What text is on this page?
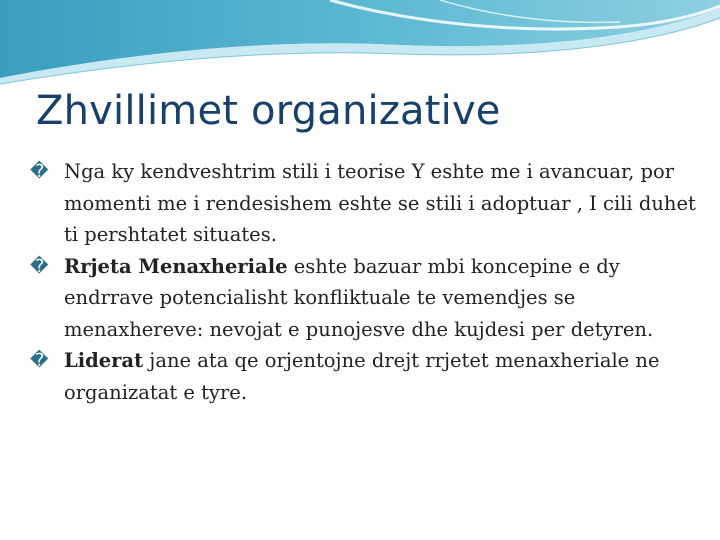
Zhvillimet organizative

� Nga ky kendveshtrim stili i teorise Y eshte me i avancuar, por momenti me i rendesishem eshte se stili i adoptuar , I cili duhet ti pershtatet situates.

� Rrjeta Menaxheriale eshte bazuar mbi koncepine e dy endrrave potencialisht konfliktuale te vemendjes se menaxhereve: nevojat e punojesve dhe kujdesi per detyren.

� Liderat jane ata qe orjentojne drejt rrjetet menaxheriale ne organizatat e tyre.
